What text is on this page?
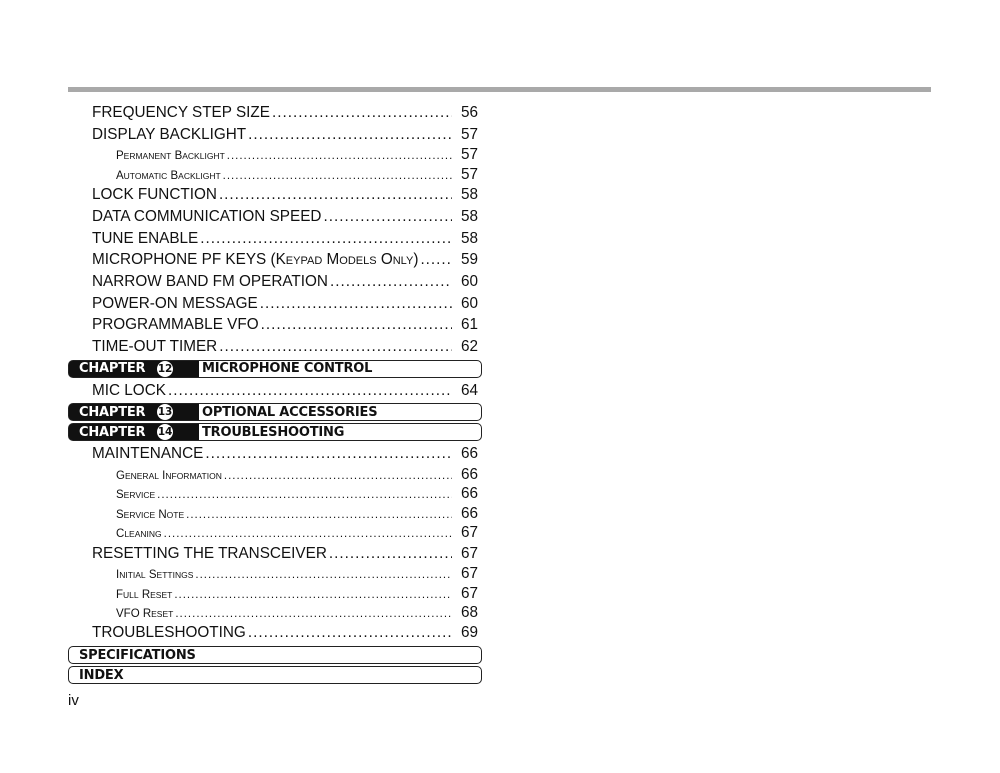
FREQUENCY STEP SIZE .....	56
DISPLAY BACKLIGHT .....	57
PERMANENT BACKLIGHT .....	57
AUTOMATIC BACKLIGHT .....	57
LOCK FUNCTION .....	58
DATA COMMUNICATION SPEED .....	58
TUNE ENABLE .....	58
MICROPHONE PF KEYS (KEYPAD MODELS ONLY) .....	59
NARROW BAND FM OPERATION .....	60
POWER-ON MESSAGE .....	60
PROGRAMMABLE VFO .....	61
TIME-OUT TIMER .....	62
CHAPTER	12	MICROPHONE CONTROL
MIC LOCK .....	64
CHAPTER	13	OPTIONAL ACCESSORIES
CHAPTER	14	TROUBLESHOOTING
MAINTENANCE .....	66
GENERAL INFORMATION .....	66
SERVICE .....	66
SERVICE NOTE .....	66
CLEANING .....	67
RESETTING THE TRANSCEIVER .....	67
INITIAL SETTINGS .....	67
FULL RESET .....	67
VFO RESET .....	68
TROUBLESHOOTING .....	69
SPECIFICATIONS
INDEX
iv
